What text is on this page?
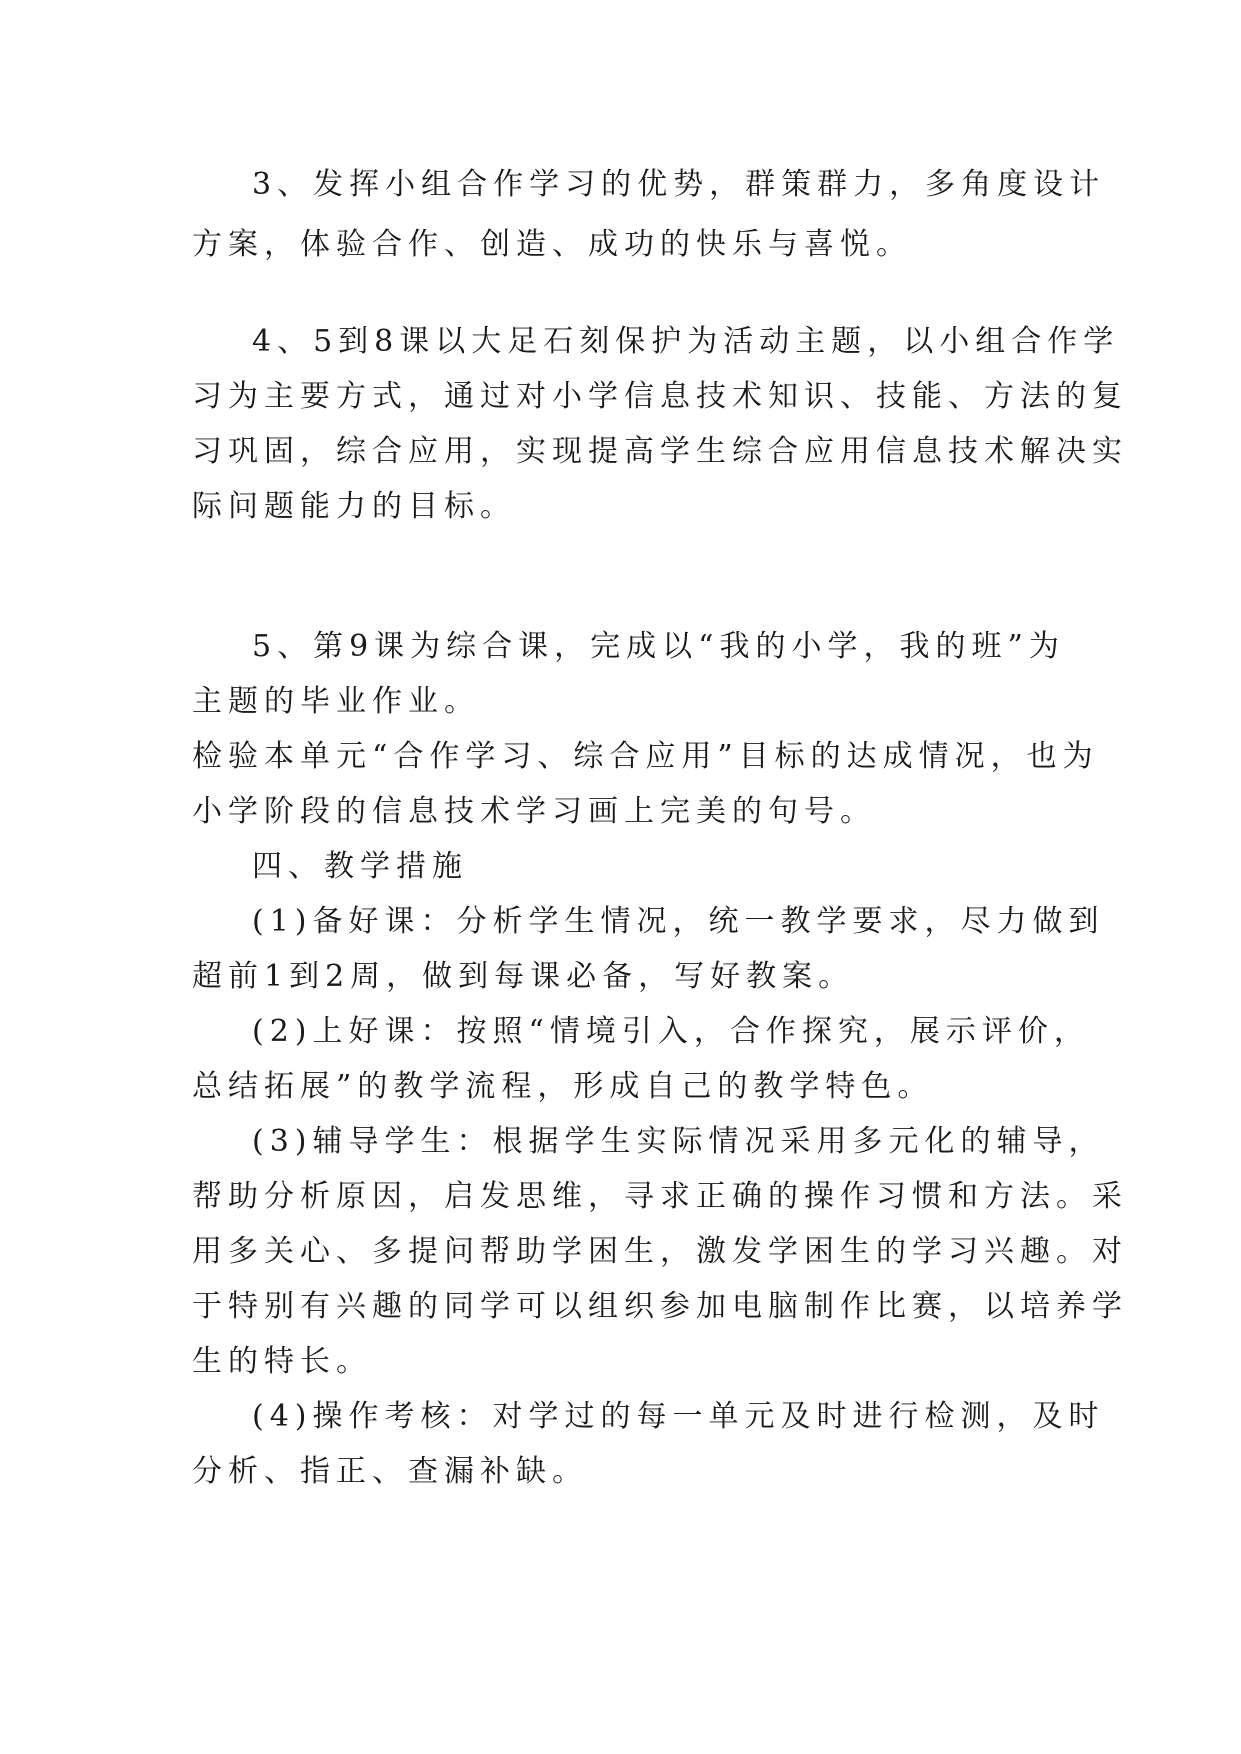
3、发挥小组合作学习的优势，群策群力，多角度设计

方案，体验合作、创造、成功的快乐与喜悦。

4、5到8课以大足石刻保护为活动主题，以小组合作学

习为主要方式，通过对小学信息技术知识、技能、方法的复

习巩固，综合应用，实现提高学生综合应用信息技术解决实

际问题能力的目标。

5、第9课为综合课，完成以“我的小学，我的班”为

主题的毕业作业。

检验本单元“合作学习、综合应用”目标的达成情况，也为

小学阶段的信息技术学习画上完美的句号。

四、教学措施

(1)备好课：分析学生情况，统一教学要求，尽力做到

超前1到2周，做到每课必备，写好教案。

(2)上好课：按照“情境引入，合作探究，展示评价，

总结拓展”的教学流程，形成自己的教学特色。

(3)辅导学生：根据学生实际情况采用多元化的辅导，

帮助分析原因，启发思维，寻求正确的操作习惯和方法。采

用多关心、多提问帮助学困生，激发学困生的学习兴趣。对

于特别有兴趣的同学可以组织参加电脑制作比赛，以培养学

生的特长。

(4)操作考核：对学过的每一单元及时进行检测，及时

分析、指正、查漏补缺。
